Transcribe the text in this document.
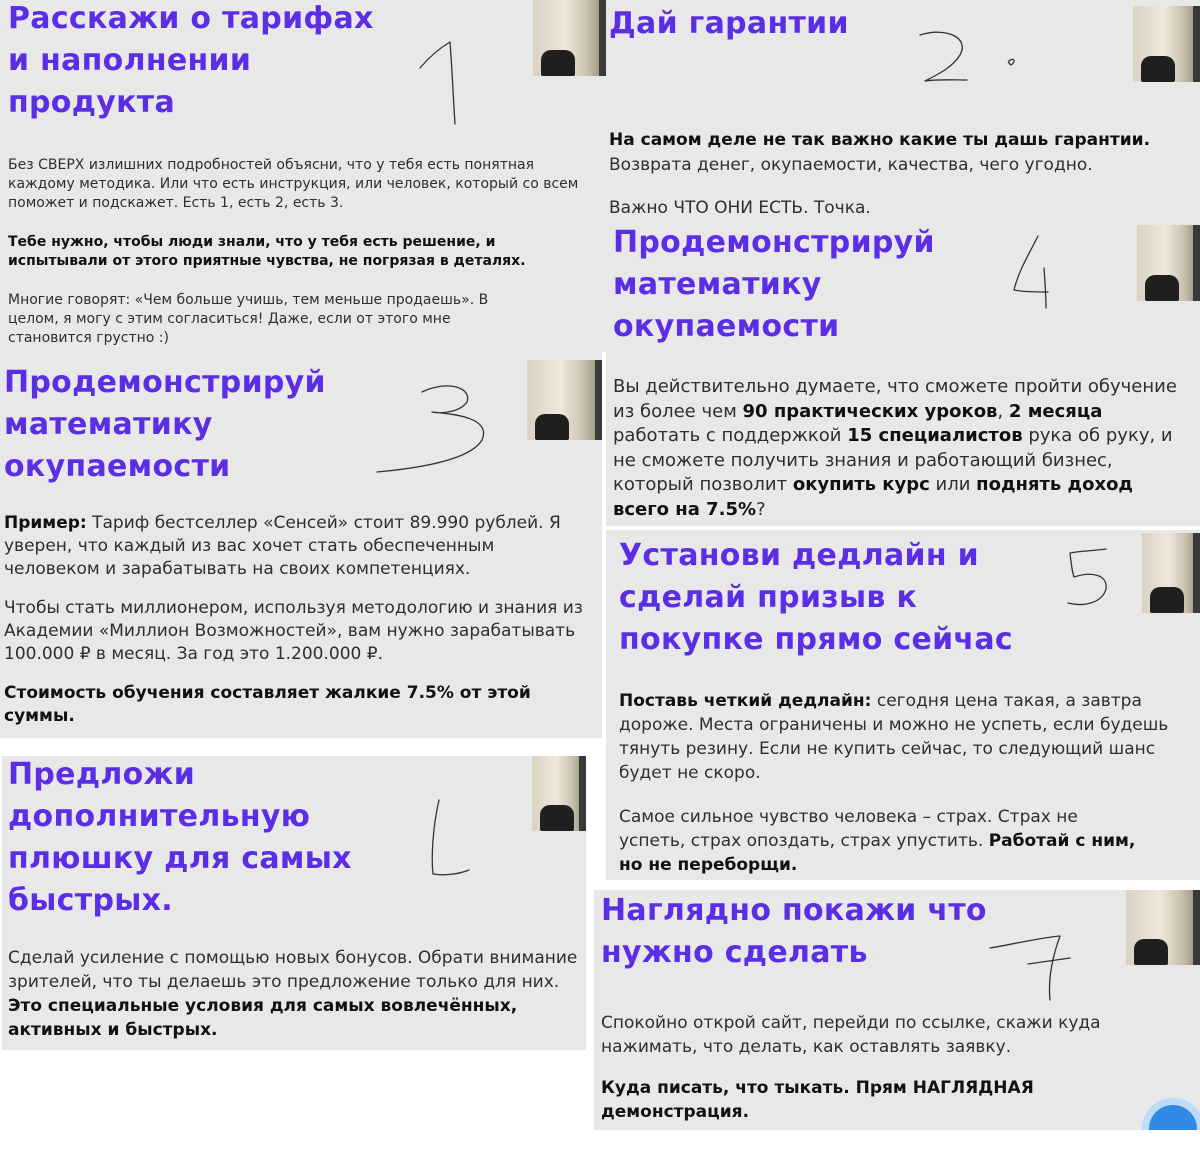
Расскажи о тарифах
и наполнении
продукта

Без СВЕРХ излишних подробностей объясни, что у тебя есть понятная каждому методика. Или что есть инструкция, или человек, который со всем поможет и подскажет. Есть 1, есть 2, есть 3.

Тебе нужно, чтобы люди знали, что у тебя есть решение, и испытывали от этого приятные чувства, не погрязая в деталях.

Многие говорят: «Чем больше учишь, тем меньше продаешь». В целом, я могу с этим согласиться! Даже, если от этого мне становится грустно :)

Дай гарантии

На самом деле не так важно какие ты дашь гарантии.
Возврата денег, окупаемости, качества, чего угодно.

Важно ЧТО ОНИ ЕСТЬ. Точка.

Продемонстрируй
математику
окупаемости

Вы действительно думаете, что сможете пройти обучение из более чем 90 практических уроков, 2 месяца работать с поддержкой 15 специалистов рука об руку, и не сможете получить знания и работающий бизнес, который позволит окупить курс или поднять доход всего на 7.5%?

Продемонстрируй
математику
окупаемости

Пример: Тариф бестселлер «Сенсей» стоит 89.990 рублей. Я уверен, что каждый из вас хочет стать обеспеченным человеком и зарабатывать на своих компетенциях.

Чтобы стать миллионером, используя методологию и знания из Академии «Миллион Возможностей», вам нужно зарабатывать 100.000 ₽ в месяц. За год это 1.200.000 ₽.

Стоимость обучения составляет жалкие 7.5% от этой суммы.

Установи дедлайн и
сделай призыв к
покупке прямо сейчас

Поставь четкий дедлайн: сегодня цена такая, а завтра дороже. Места ограничены и можно не успеть, если будешь тянуть резину. Если не купить сейчас, то следующий шанс будет не скоро.

Самое сильное чувство человека – страх. Страх не успеть, страх опоздать, страх упустить. Работай с ним, но не переборщи.

Предложи
дополнительную
плюшку для самых
быстрых.

Сделай усиление с помощью новых бонусов. Обрати внимание зрителей, что ты делаешь это предложение только для них. Это специальные условия для самых вовлечённых, активных и быстрых.

Наглядно покажи что
нужно сделать

Спокойно открой сайт, перейди по ссылке, скажи куда нажимать, что делать, как оставлять заявку.

Куда писать, что тыкать. Прям НАГЛЯДНАЯ демонстрация.
